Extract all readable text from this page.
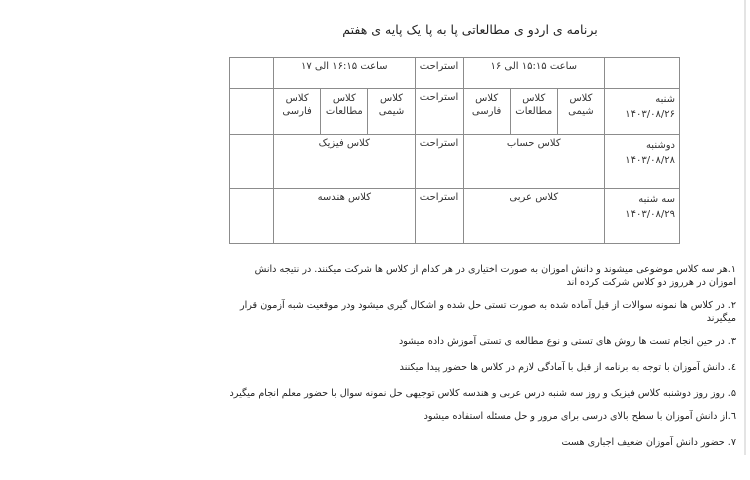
برنامه ی اردو ی مطالعاتی پا به پا یک پایه ی هفتم
	ساعت ۱۵:۱۵ الی ۱۶			استراحت	ساعت ۱۶:۱۵ الی ۱۷			

شنبه
۱۴۰۳/۰۸/۲۶	کلاس شیمی	کلاس مطالعات	کلاس فارسی	استراحت	کلاس شیمی	کلاس مطالعات	کلاس فارسی	

دوشنبه
۱۴۰۳/۰۸/۲۸	کلاس حساب			استراحت	کلاس فیزیک			

سه شنبه
۱۴۰۳/۰۸/۲۹	کلاس عربی			استراحت	کلاس هندسه			

۱.هر سه کلاس موضوعی میشوند و دانش اموزان به صورت اختیاری در هر کدام از کلاس ها شرکت میکنند. در نتیجه دانش اموزان در هرروز دو کلاس شرکت کرده اند

۲. در کلاس ها نمونه سوالات از قبل آماده شده به صورت تستی حل شده و اشکال گیری میشود ودر موقعیت شبه آزمون قرار میگیرند

۳. در حین انجام تست ها روش های تستی و نوع مطالعه ی تستی آموزش داده میشود

٤. دانش آموزان با توجه به برنامه از قبل با آمادگی لازم در کلاس ها حضور پیدا میکنند

۵. روز روز دوشنبه کلاس فیزیک و روز سه شنبه درس عربی و هندسه کلاس توجیهی حل نمونه سوال با حضور معلم انجام میگیرد

٦.از دانش آموزان با سطح بالای درسی برای مرور و حل مسئله استفاده میشود

۷. حضور دانش آموزان ضعیف اجباری هست
